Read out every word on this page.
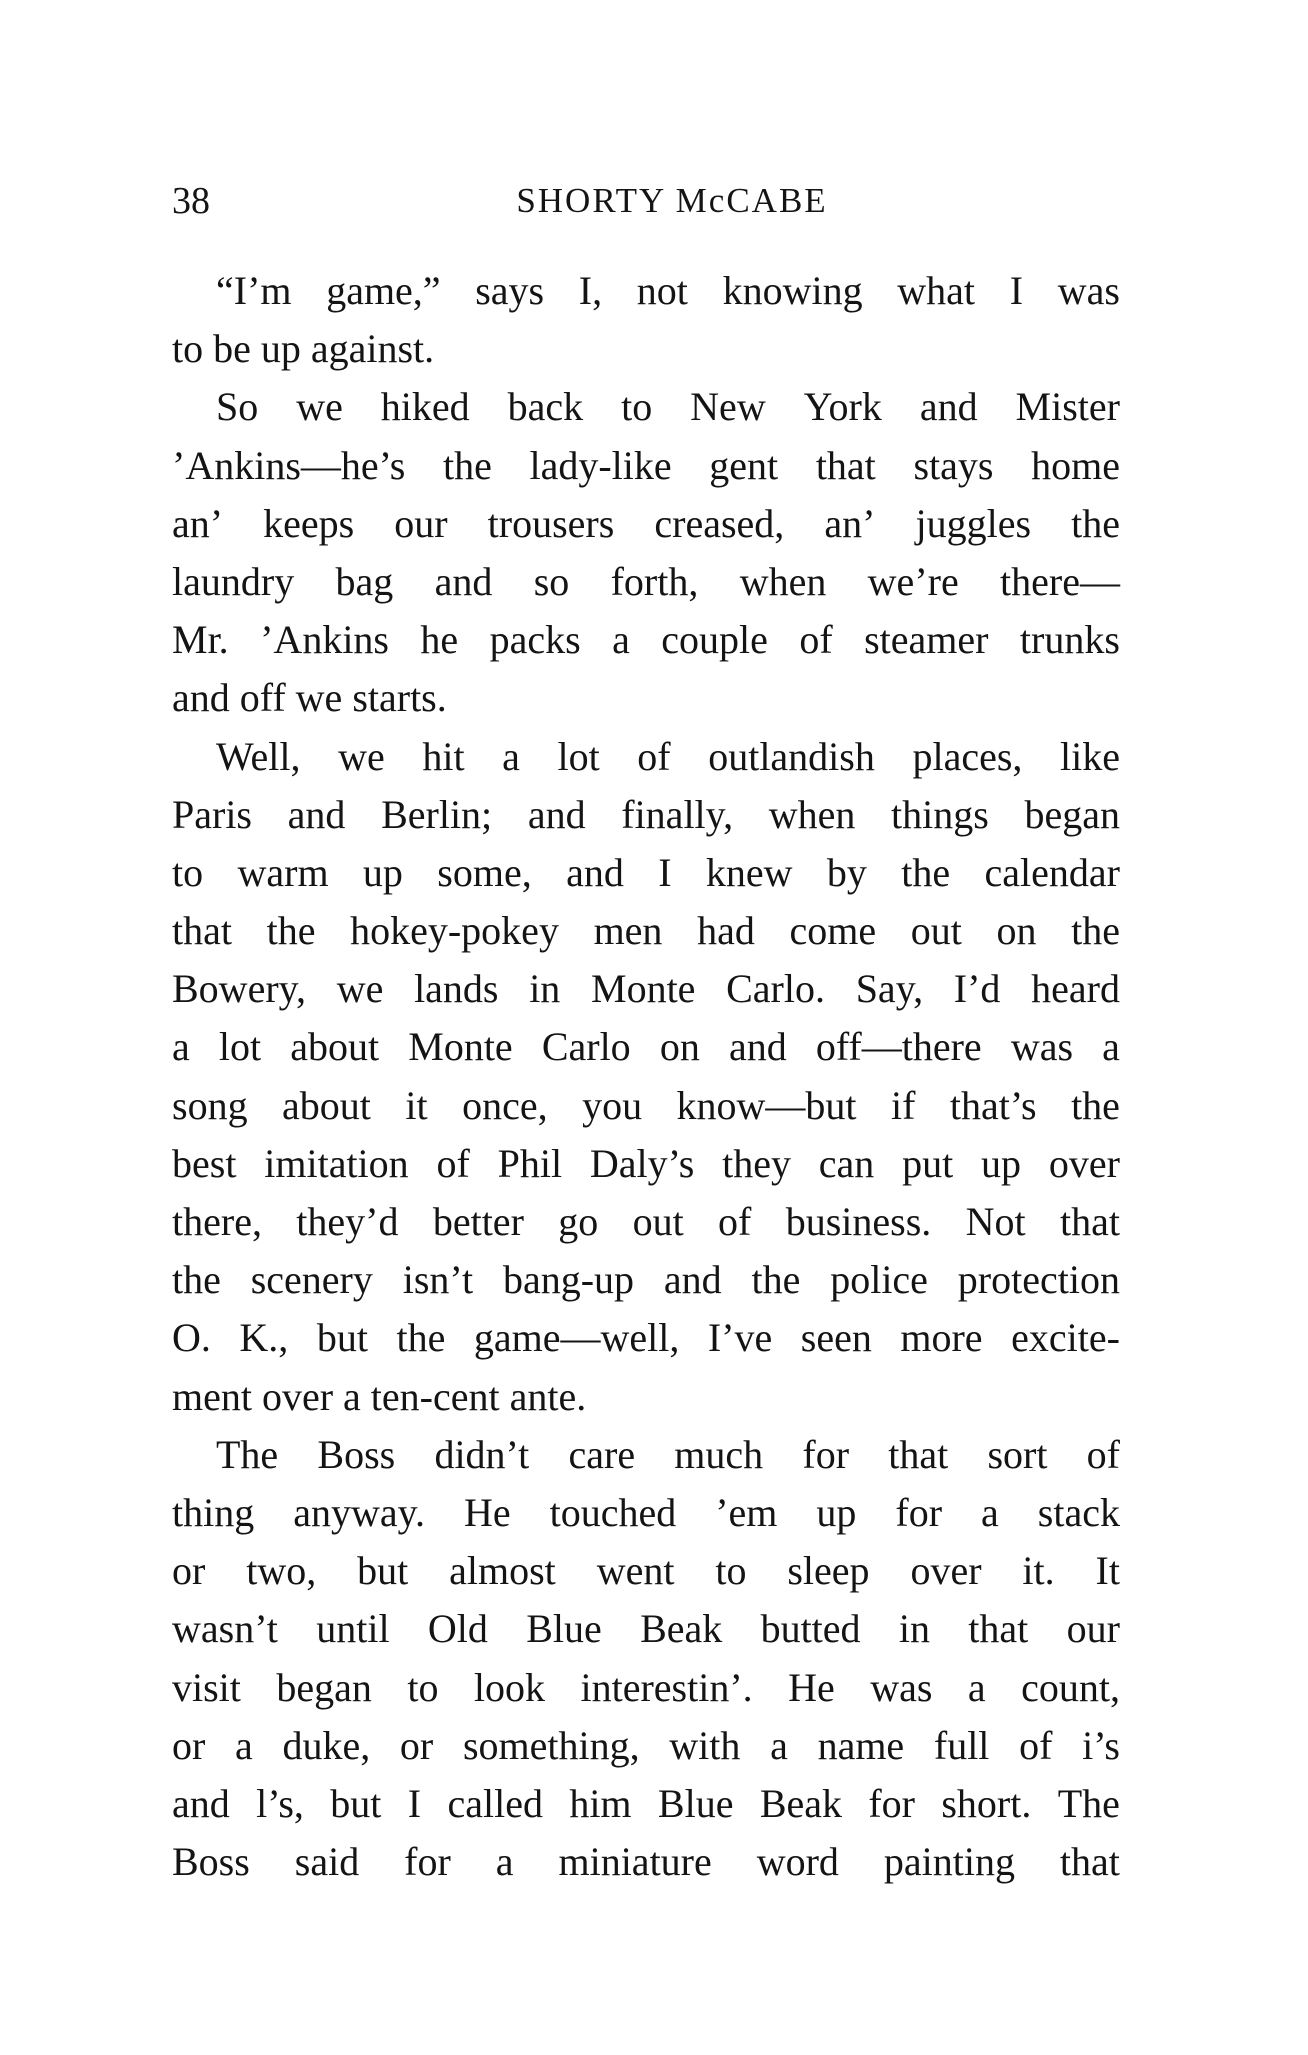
38	SHORTY McCABE

“I’m game,” says I, not knowing what I was
to be up against.

So we hiked back to New York and Mister
’Ankins—he’s the lady-like gent that stays home
an’ keeps our trousers creased, an’ juggles the
laundry bag and so forth, when we’re there—
Mr. ’Ankins he packs a couple of steamer trunks
and off we starts.

Well, we hit a lot of outlandish places, like
Paris and Berlin; and finally, when things began
to warm up some, and I knew by the calendar
that the hokey-pokey men had come out on the
Bowery, we lands in Monte Carlo. Say, I’d heard
a lot about Monte Carlo on and off—there was a
song about it once, you know—but if that’s the
best imitation of Phil Daly’s they can put up over
there, they’d better go out of business. Not that
the scenery isn’t bang-up and the police protection
O. K., but the game—well, I’ve seen more excite-
ment over a ten-cent ante.

The Boss didn’t care much for that sort of
thing anyway. He touched ’em up for a stack
or two, but almost went to sleep over it. It
wasn’t until Old Blue Beak butted in that our
visit began to look interestin’. He was a count,
or a duke, or something, with a name full of i’s
and l’s, but I called him Blue Beak for short. The
Boss said for a miniature word painting that
